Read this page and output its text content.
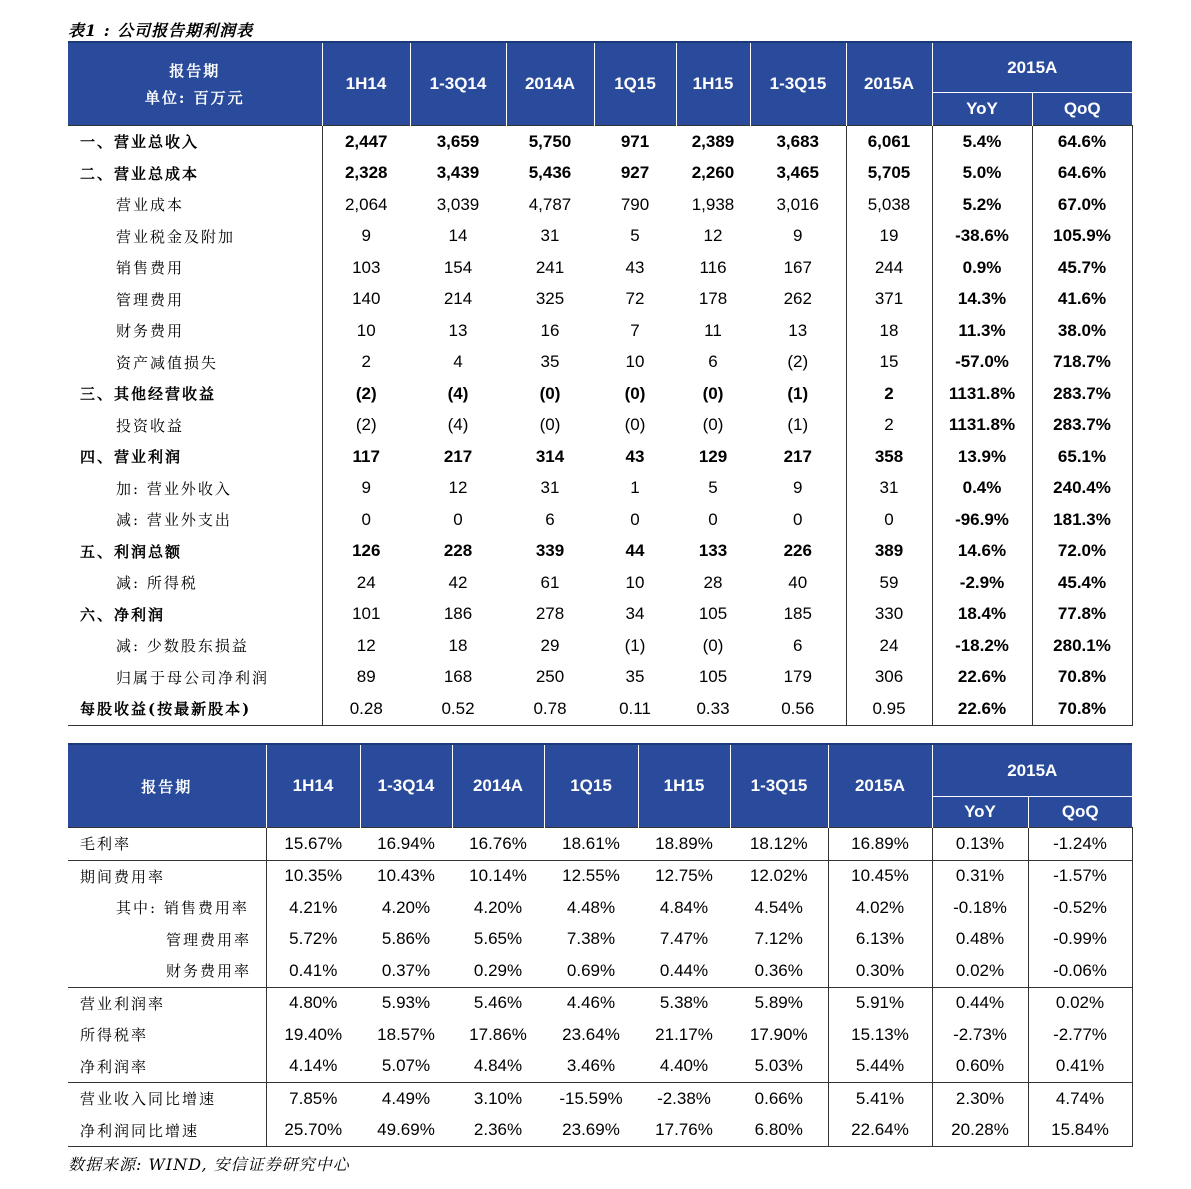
表1 : 公司报告期利润表
报告期
单位: 百万元	1H14	1-3Q14	2014A	1Q15	1H15	1-3Q15	2015A	2015A	
								YoY	QoQ
一、营业总收入	2,447	3,659	5,750	971	2,389	3,683	6,061	5.4%	64.6%
二、营业总成本	2,328	3,439	5,436	927	2,260	3,465	5,705	5.0%	64.6%
营业成本	2,064	3,039	4,787	790	1,938	3,016	5,038	5.2%	67.0%
营业税金及附加	9	14	31	5	12	9	19	-38.6%	105.9%
销售费用	103	154	241	43	116	167	244	0.9%	45.7%
管理费用	140	214	325	72	178	262	371	14.3%	41.6%
财务费用	10	13	16	7	11	13	18	11.3%	38.0%
资产减值损失	2	4	35	10	6	(2)	15	-57.0%	718.7%
三、其他经营收益	(2)	(4)	(0)	(0)	(0)	(1)	2	1131.8%	283.7%
投资收益	(2)	(4)	(0)	(0)	(0)	(1)	2	1131.8%	283.7%
四、营业利润	117	217	314	43	129	217	358	13.9%	65.1%
加: 营业外收入	9	12	31	1	5	9	31	0.4%	240.4%
减: 营业外支出	0	0	6	0	0	0	0	-96.9%	181.3%
五、利润总额	126	228	339	44	133	226	389	14.6%	72.0%
减: 所得税	24	42	61	10	28	40	59	-2.9%	45.4%
六、净利润	101	186	278	34	105	185	330	18.4%	77.8%
减: 少数股东损益	12	18	29	(1)	(0)	6	24	-18.2%	280.1%
归属于母公司净利润	89	168	250	35	105	179	306	22.6%	70.8%
每股收益(按最新股本)	0.28	0.52	0.78	0.11	0.33	0.56	0.95	22.6%	70.8%
报告期	1H14	1-3Q14	2014A	1Q15	1H15	1-3Q15	2015A	2015A	
								YoY	QoQ
毛利率	15.67%	16.94%	16.76%	18.61%	18.89%	18.12%	16.89%	0.13%	-1.24%
期间费用率	10.35%	10.43%	10.14%	12.55%	12.75%	12.02%	10.45%	0.31%	-1.57%
其中: 销售费用率	4.21%	4.20%	4.20%	4.48%	4.84%	4.54%	4.02%	-0.18%	-0.52%
管理费用率	5.72%	5.86%	5.65%	7.38%	7.47%	7.12%	6.13%	0.48%	-0.99%
财务费用率	0.41%	0.37%	0.29%	0.69%	0.44%	0.36%	0.30%	0.02%	-0.06%
营业利润率	4.80%	5.93%	5.46%	4.46%	5.38%	5.89%	5.91%	0.44%	0.02%
所得税率	19.40%	18.57%	17.86%	23.64%	21.17%	17.90%	15.13%	-2.73%	-2.77%
净利润率	4.14%	5.07%	4.84%	3.46%	4.40%	5.03%	5.44%	0.60%	0.41%
营业收入同比增速	7.85%	4.49%	3.10%	-15.59%	-2.38%	0.66%	5.41%	2.30%	4.74%
净利润同比增速	25.70%	49.69%	2.36%	23.69%	17.76%	6.80%	22.64%	20.28%	15.84%
数据来源: WIND, 安信证券研究中心
